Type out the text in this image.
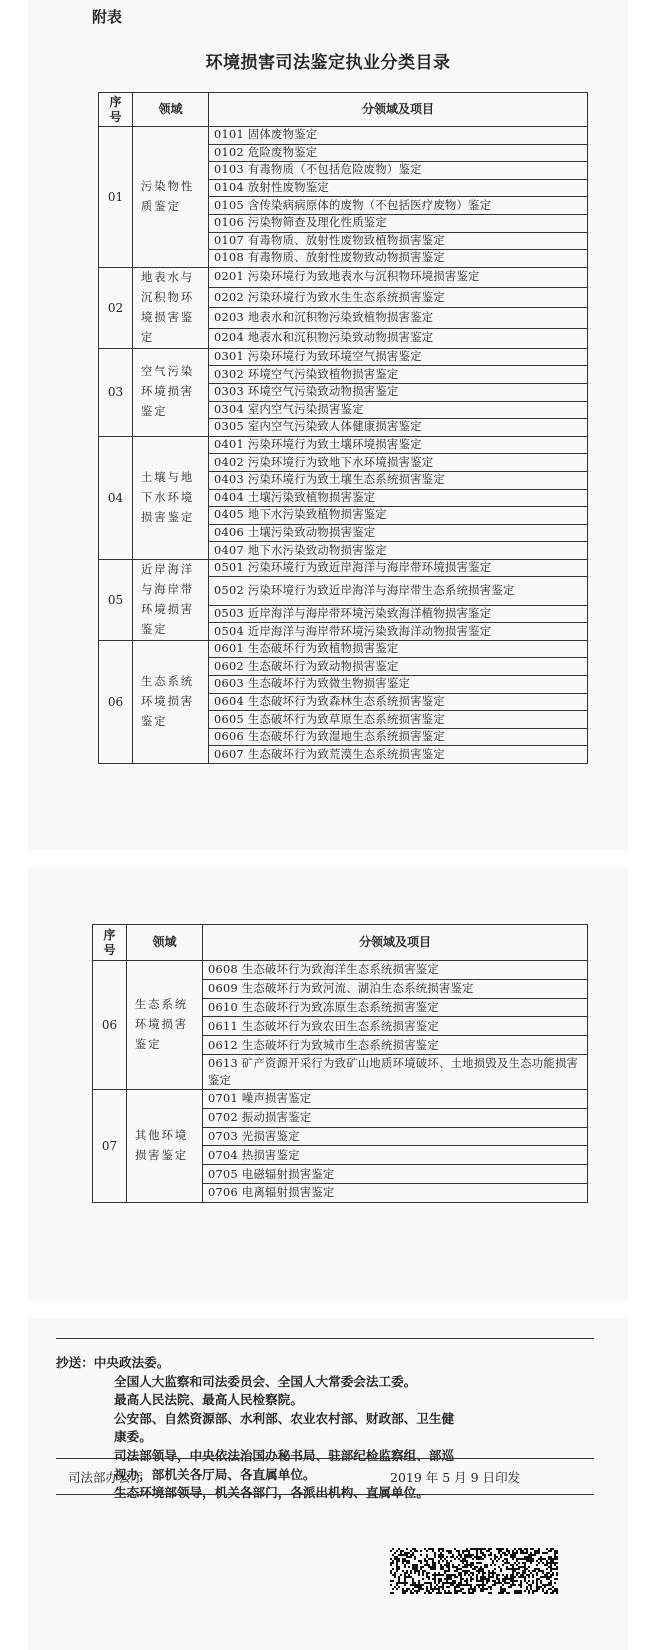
附表
环境损害司法鉴定执业分类目录
序号	领域	分领域及项目
01	污染物性质鉴定	0101 固体废物鉴定
		0102 危险废物鉴定
		0103 有毒物质（不包括危险废物）鉴定
		0104 放射性废物鉴定
		0105 含传染病病原体的废物（不包括医疗废物）鉴定
		0106 污染物筛查及理化性质鉴定
		0107 有毒物质、放射性废物致植物损害鉴定
		0108 有毒物质、放射性废物致动物损害鉴定
02	地表水与沉积物环境损害鉴定	0201 污染环境行为致地表水与沉积物环境损害鉴定
		0202 污染环境行为致水生生态系统损害鉴定
		0203 地表水和沉积物污染致植物损害鉴定
		0204 地表水和沉积物污染致动物损害鉴定
03	空气污染环境损害鉴定	0301 污染环境行为致环境空气损害鉴定
		0302 环境空气污染致植物损害鉴定
		0303 环境空气污染致动物损害鉴定
		0304 室内空气污染损害鉴定
		0305 室内空气污染致人体健康损害鉴定
04	土壤与地下水环境损害鉴定	0401 污染环境行为致土壤环境损害鉴定
		0402 污染环境行为致地下水环境损害鉴定
		0403 污染环境行为致土壤生态系统损害鉴定
		0404 土壤污染致植物损害鉴定
		0405 地下水污染致植物损害鉴定
		0406 土壤污染致动物损害鉴定
		0407 地下水污染致动物损害鉴定
05	近岸海洋与海岸带环境损害鉴定	0501 污染环境行为致近岸海洋与海岸带环境损害鉴定
		0502 污染环境行为致近岸海洋与海岸带生态系统损害鉴定
		0503 近岸海洋与海岸带环境污染致海洋植物损害鉴定
		0504 近岸海洋与海岸带环境污染致海洋动物损害鉴定
06	生态系统环境损害鉴定	0601 生态破坏行为致植物损害鉴定
		0602 生态破坏行为致动物损害鉴定
		0603 生态破坏行为致微生物损害鉴定
		0604 生态破坏行为致森林生态系统损害鉴定
		0605 生态破坏行为致草原生态系统损害鉴定
		0606 生态破坏行为致湿地生态系统损害鉴定
		0607 生态破坏行为致荒漠生态系统损害鉴定
序号	领域	分领域及项目
06	生态系统环境损害鉴定	0608 生态破坏行为致海洋生态系统损害鉴定
		0609 生态破坏行为致河流、湖泊生态系统损害鉴定
		0610 生态破坏行为致冻原生态系统损害鉴定
		0611 生态破坏行为致农田生态系统损害鉴定
		0612 生态破坏行为致城市生态系统损害鉴定
		0613 矿产资源开采行为致矿山地质环境破坏、土地损毁及生态功能损害鉴定
07	其他环境损害鉴定	0701 噪声损害鉴定
		0702 振动损害鉴定
		0703 光损害鉴定
		0704 热损害鉴定
		0705 电磁辐射损害鉴定
		0706 电离辐射损害鉴定
抄送：中央政法委。
全国人大监察和司法委员会、全国人大常委会法工委。
最高人民法院、最高人民检察院。
公安部、自然资源部、水利部、农业农村部、财政部、卫生健
康委。
司法部领导，中央依法治国办秘书局、驻部纪检监察组、部巡
视办，部机关各厅局、各直属单位。
生态环境部领导，机关各部门，各派出机构、直属单位。
司法部办公厅	2019 年 5 月 9 日印发
